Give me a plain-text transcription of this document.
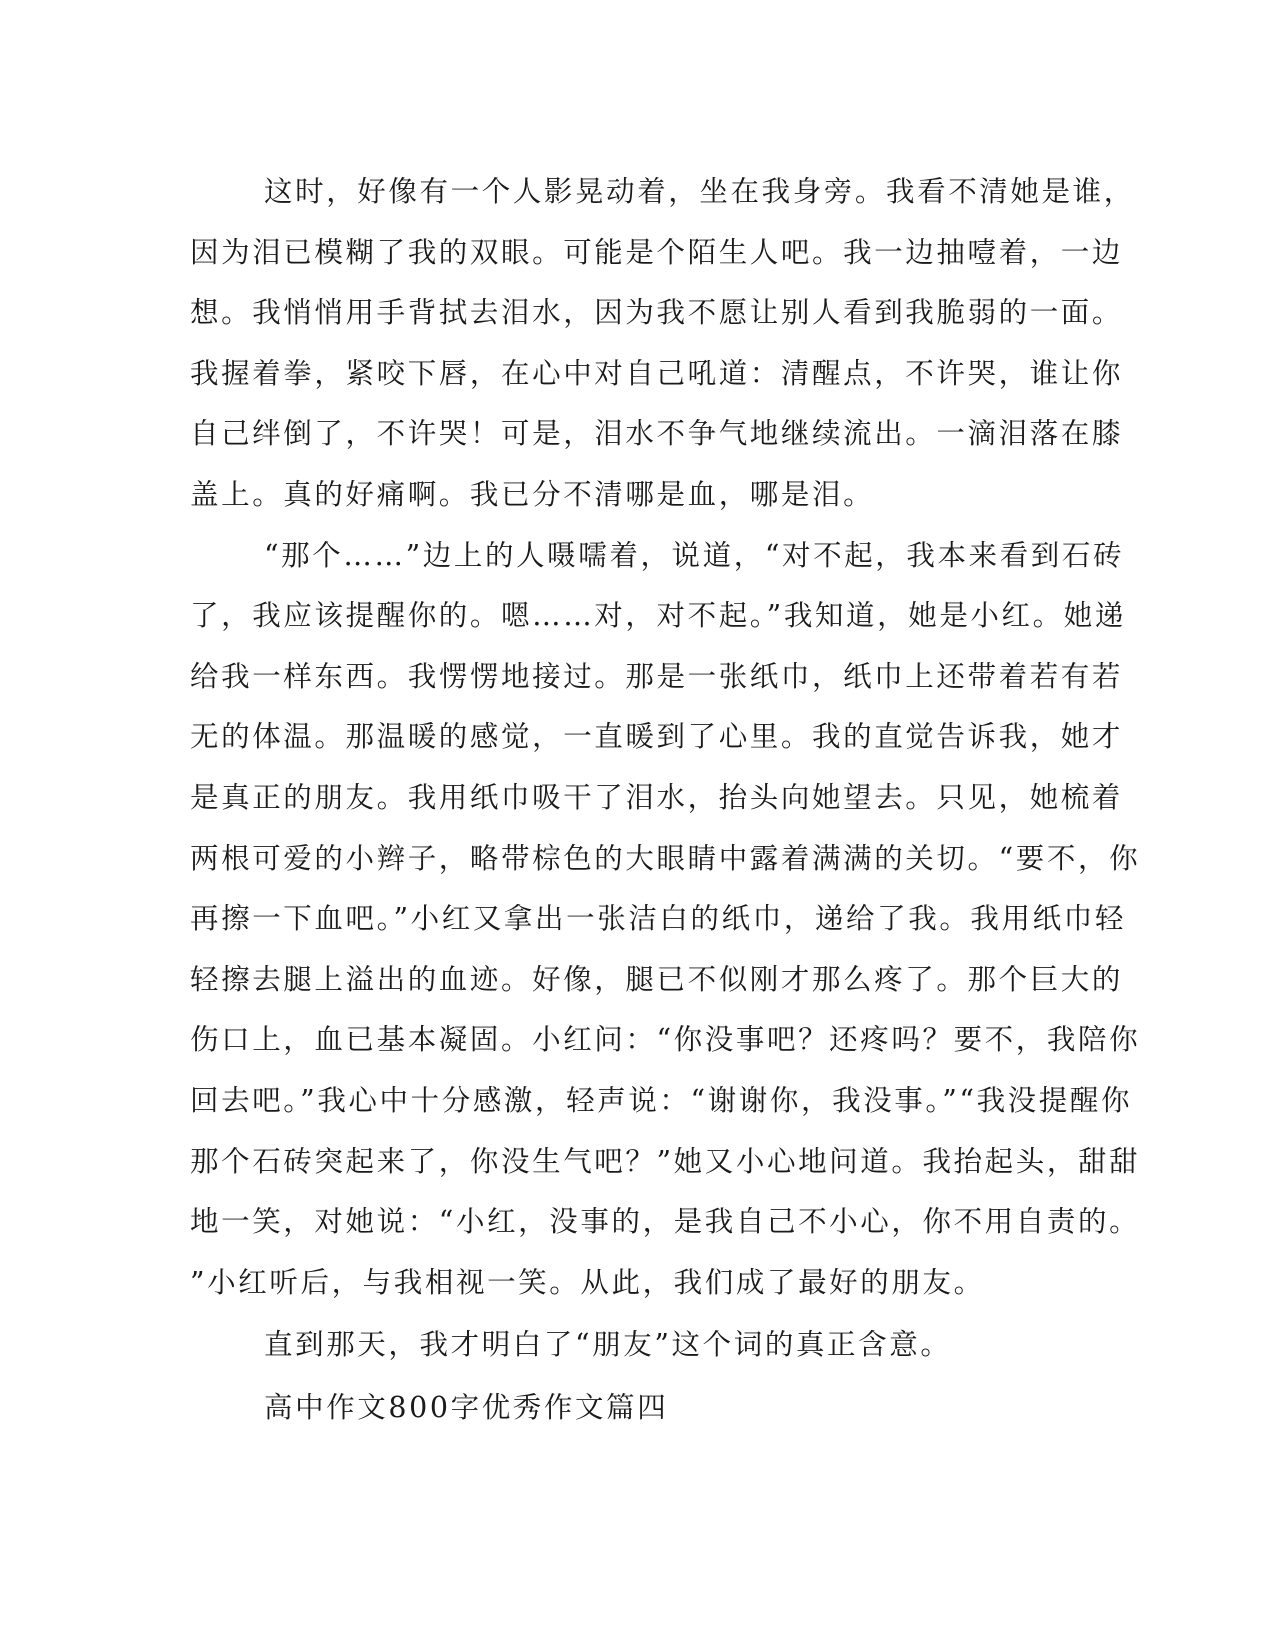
这时，好像有一个人影晃动着，坐在我身旁。我看不清她是谁，
因为泪已模糊了我的双眼。可能是个陌生人吧。我一边抽噎着，一边
想。我悄悄用手背拭去泪水，因为我不愿让别人看到我脆弱的一面。
我握着拳，紧咬下唇，在心中对自己吼道：清醒点，不许哭，谁让你
自己绊倒了，不许哭！可是，泪水不争气地继续流出。一滴泪落在膝
盖上。真的好痛啊。我已分不清哪是血，哪是泪。
“那个……”边上的人嗫嚅着，说道，“对不起，我本来看到石砖
了，我应该提醒你的。嗯……对，对不起。”我知道，她是小红。她递
给我一样东西。我愣愣地接过。那是一张纸巾，纸巾上还带着若有若
无的体温。那温暖的感觉，一直暖到了心里。我的直觉告诉我，她才
是真正的朋友。我用纸巾吸干了泪水，抬头向她望去。只见，她梳着
两根可爱的小辫子，略带棕色的大眼睛中露着满满的关切。“要不，你
再擦一下血吧。”小红又拿出一张洁白的纸巾，递给了我。我用纸巾轻
轻擦去腿上溢出的血迹。好像，腿已不似刚才那么疼了。那个巨大的
伤口上，血已基本凝固。小红问：“你没事吧？还疼吗？要不，我陪你
回去吧。”我心中十分感激，轻声说：“谢谢你，我没事。”“我没提醒你
那个石砖突起来了，你没生气吧？”她又小心地问道。我抬起头，甜甜
地一笑，对她说：“小红，没事的，是我自己不小心，你不用自责的。
”小红听后，与我相视一笑。从此，我们成了最好的朋友。
直到那天，我才明白了“朋友”这个词的真正含意。
高中作文800字优秀作文篇四
